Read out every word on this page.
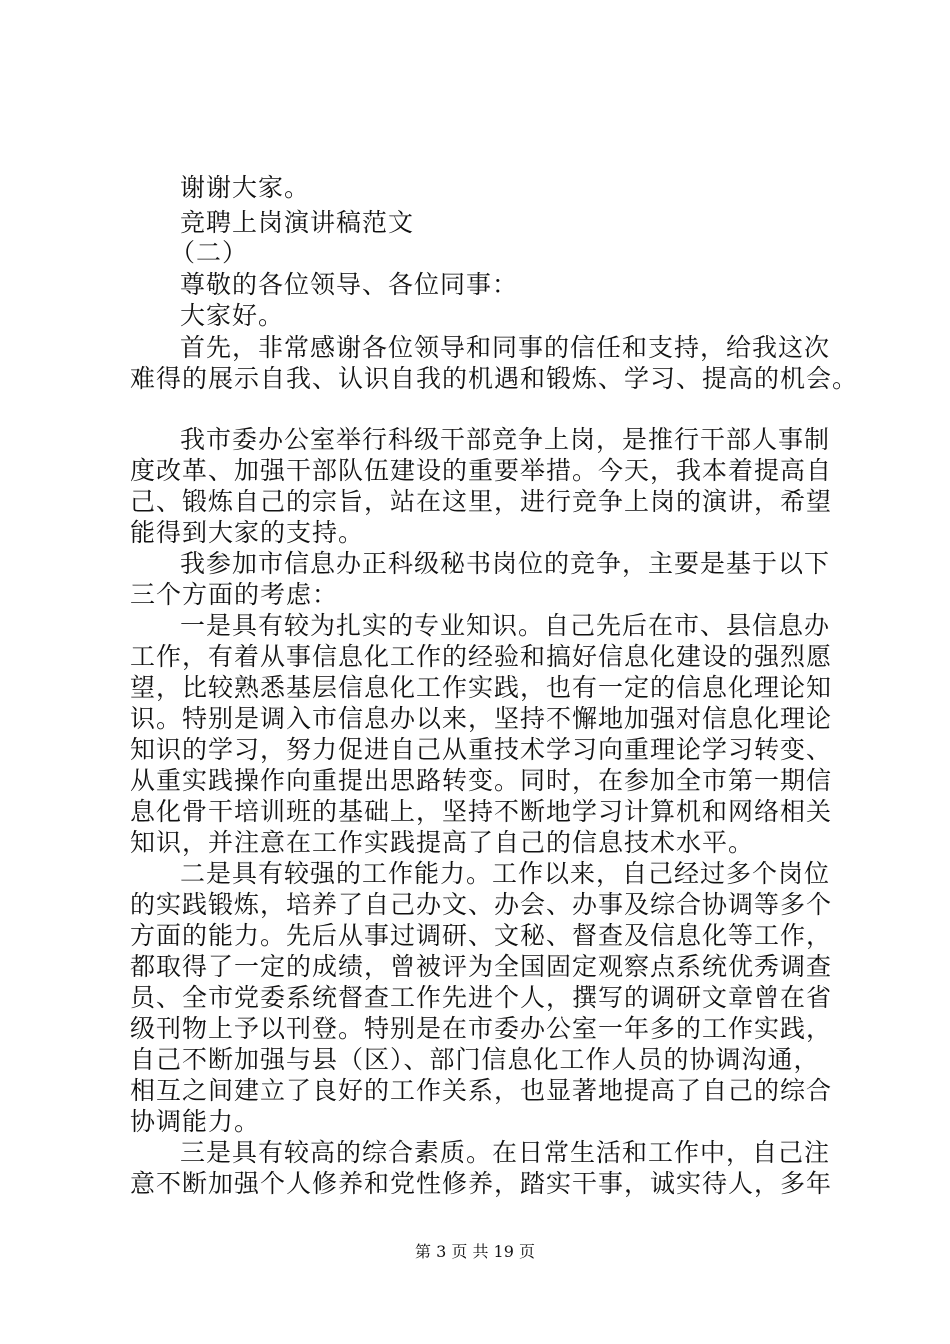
谢谢大家。
竞聘上岗演讲稿范文
（二）
尊敬的各位领导、各位同事：
大家好。
首先，非常感谢各位领导和同事的信任和支持，给我这次
难得的展示自我、认识自我的机遇和锻炼、学习、提高的机会。
我市委办公室举行科级干部竞争上岗，是推行干部人事制
度改革、加强干部队伍建设的重要举措。今天，我本着提高自
己、锻炼自己的宗旨，站在这里，进行竞争上岗的演讲，希望
能得到大家的支持。
我参加市信息办正科级秘书岗位的竞争，主要是基于以下
三个方面的考虑：
一是具有较为扎实的专业知识。自己先后在市、县信息办
工作，有着从事信息化工作的经验和搞好信息化建设的强烈愿
望，比较熟悉基层信息化工作实践，也有一定的信息化理论知
识。特别是调入市信息办以来，坚持不懈地加强对信息化理论
知识的学习，努力促进自己从重技术学习向重理论学习转变、
从重实践操作向重提出思路转变。同时，在参加全市第一期信
息化骨干培训班的基础上，坚持不断地学习计算机和网络相关
知识，并注意在工作实践提高了自己的信息技术水平。
二是具有较强的工作能力。工作以来，自己经过多个岗位
的实践锻炼，培养了自己办文、办会、办事及综合协调等多个
方面的能力。先后从事过调研、文秘、督查及信息化等工作，
都取得了一定的成绩，曾被评为全国固定观察点系统优秀调查
员、全市党委系统督查工作先进个人，撰写的调研文章曾在省
级刊物上予以刊登。特别是在市委办公室一年多的工作实践，
自己不断加强与县（区）、部门信息化工作人员的协调沟通，
相互之间建立了良好的工作关系，也显著地提高了自己的综合
协调能力。
三是具有较高的综合素质。在日常生活和工作中，自己注
意不断加强个人修养和党性修养，踏实干事，诚实待人，多年
第 3 页 共 19 页
